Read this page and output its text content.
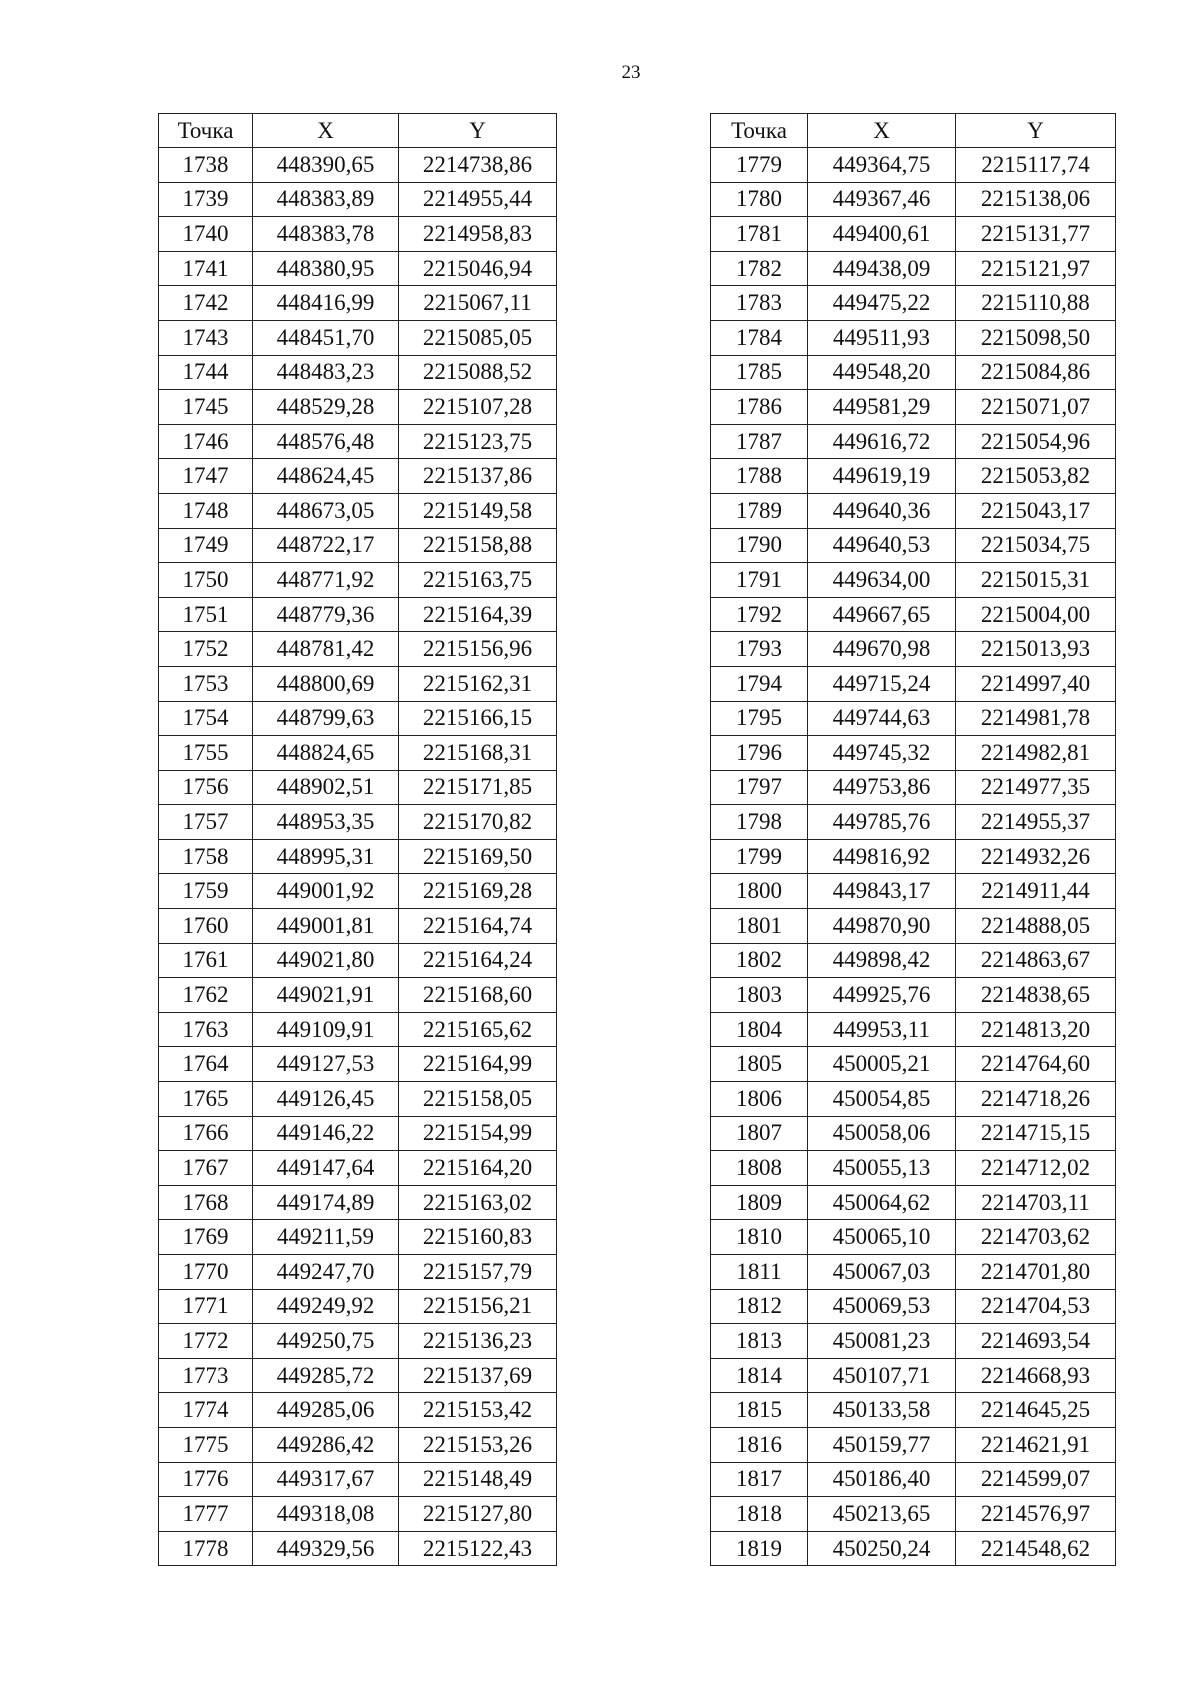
23
Точка	X	Y
1738	448390,65	2214738,86
1739	448383,89	2214955,44
1740	448383,78	2214958,83
1741	448380,95	2215046,94
1742	448416,99	2215067,11
1743	448451,70	2215085,05
1744	448483,23	2215088,52
1745	448529,28	2215107,28
1746	448576,48	2215123,75
1747	448624,45	2215137,86
1748	448673,05	2215149,58
1749	448722,17	2215158,88
1750	448771,92	2215163,75
1751	448779,36	2215164,39
1752	448781,42	2215156,96
1753	448800,69	2215162,31
1754	448799,63	2215166,15
1755	448824,65	2215168,31
1756	448902,51	2215171,85
1757	448953,35	2215170,82
1758	448995,31	2215169,50
1759	449001,92	2215169,28
1760	449001,81	2215164,74
1761	449021,80	2215164,24
1762	449021,91	2215168,60
1763	449109,91	2215165,62
1764	449127,53	2215164,99
1765	449126,45	2215158,05
1766	449146,22	2215154,99
1767	449147,64	2215164,20
1768	449174,89	2215163,02
1769	449211,59	2215160,83
1770	449247,70	2215157,79
1771	449249,92	2215156,21
1772	449250,75	2215136,23
1773	449285,72	2215137,69
1774	449285,06	2215153,42
1775	449286,42	2215153,26
1776	449317,67	2215148,49
1777	449318,08	2215127,80
1778	449329,56	2215122,43
Точка	X	Y
1779	449364,75	2215117,74
1780	449367,46	2215138,06
1781	449400,61	2215131,77
1782	449438,09	2215121,97
1783	449475,22	2215110,88
1784	449511,93	2215098,50
1785	449548,20	2215084,86
1786	449581,29	2215071,07
1787	449616,72	2215054,96
1788	449619,19	2215053,82
1789	449640,36	2215043,17
1790	449640,53	2215034,75
1791	449634,00	2215015,31
1792	449667,65	2215004,00
1793	449670,98	2215013,93
1794	449715,24	2214997,40
1795	449744,63	2214981,78
1796	449745,32	2214982,81
1797	449753,86	2214977,35
1798	449785,76	2214955,37
1799	449816,92	2214932,26
1800	449843,17	2214911,44
1801	449870,90	2214888,05
1802	449898,42	2214863,67
1803	449925,76	2214838,65
1804	449953,11	2214813,20
1805	450005,21	2214764,60
1806	450054,85	2214718,26
1807	450058,06	2214715,15
1808	450055,13	2214712,02
1809	450064,62	2214703,11
1810	450065,10	2214703,62
1811	450067,03	2214701,80
1812	450069,53	2214704,53
1813	450081,23	2214693,54
1814	450107,71	2214668,93
1815	450133,58	2214645,25
1816	450159,77	2214621,91
1817	450186,40	2214599,07
1818	450213,65	2214576,97
1819	450250,24	2214548,62
